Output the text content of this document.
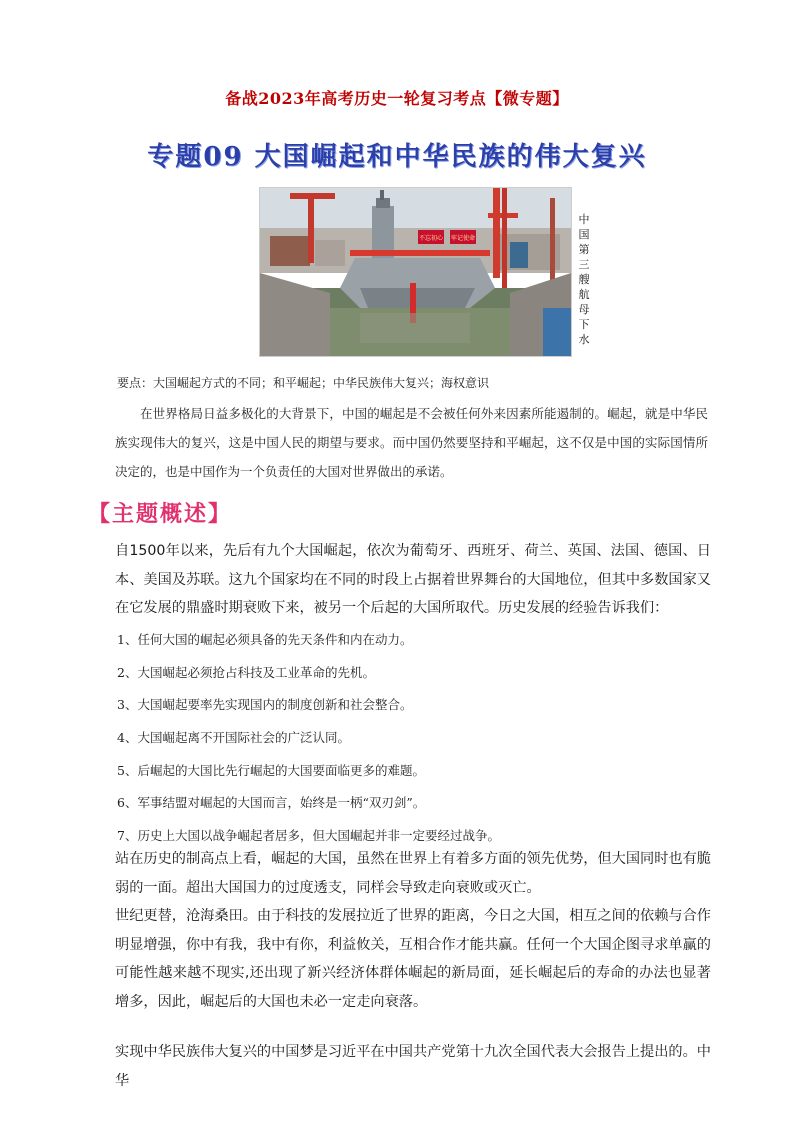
备战2023年高考历史一轮复习考点【微专题】
专题09 大国崛起和中华民族的伟大复兴
不忘初心 牢记使命
中国第三艘航母下水
要点：大国崛起方式的不同；和平崛起；中华民族伟大复兴；海权意识
在世界格局日益多极化的大背景下，中国的崛起是不会被任何外来因素所能遏制的。崛起，就是中华民族实现伟大的复兴，这是中国人民的期望与要求。而中国仍然要坚持和平崛起，这不仅是中国的实际国情所决定的，也是中国作为一个负责任的大国对世界做出的承诺。
【主题概述】
自1500年以来，先后有九个大国崛起，依次为葡萄牙、西班牙、荷兰、英国、法国、德国、日本、美国及苏联。这九个国家均在不同的时段上占据着世界舞台的大国地位，但其中多数国家又在它发展的鼎盛时期衰败下来，被另一个后起的大国所取代。历史发展的经验告诉我们：
1、任何大国的崛起必须具备的先天条件和内在动力。
2、大国崛起必须抢占科技及工业革命的先机。
3、大国崛起要率先实现国内的制度创新和社会整合。
4、大国崛起离不开国际社会的广泛认同。
5、后崛起的大国比先行崛起的大国要面临更多的难题。
6、军事结盟对崛起的大国而言，始终是一柄“双刃剑”。
7、历史上大国以战争崛起者居多，但大国崛起并非一定要经过战争。
站在历史的制高点上看，崛起的大国，虽然在世界上有着多方面的领先优势，但大国同时也有脆弱的一面。超出大国国力的过度透支，同样会导致走向衰败或灭亡。
世纪更替，沧海桑田。由于科技的发展拉近了世界的距离，今日之大国，相互之间的依赖与合作明显增强，你中有我，我中有你，利益攸关，互相合作才能共赢。任何一个大国企图寻求单赢的可能性越来越不现实,还出现了新兴经济体群体崛起的新局面，延长崛起后的寿命的办法也显著增多，因此，崛起后的大国也未必一定走向衰落。
实现中华民族伟大复兴的中国梦是习近平在中国共产党第十九次全国代表大会报告上提出的。中华
